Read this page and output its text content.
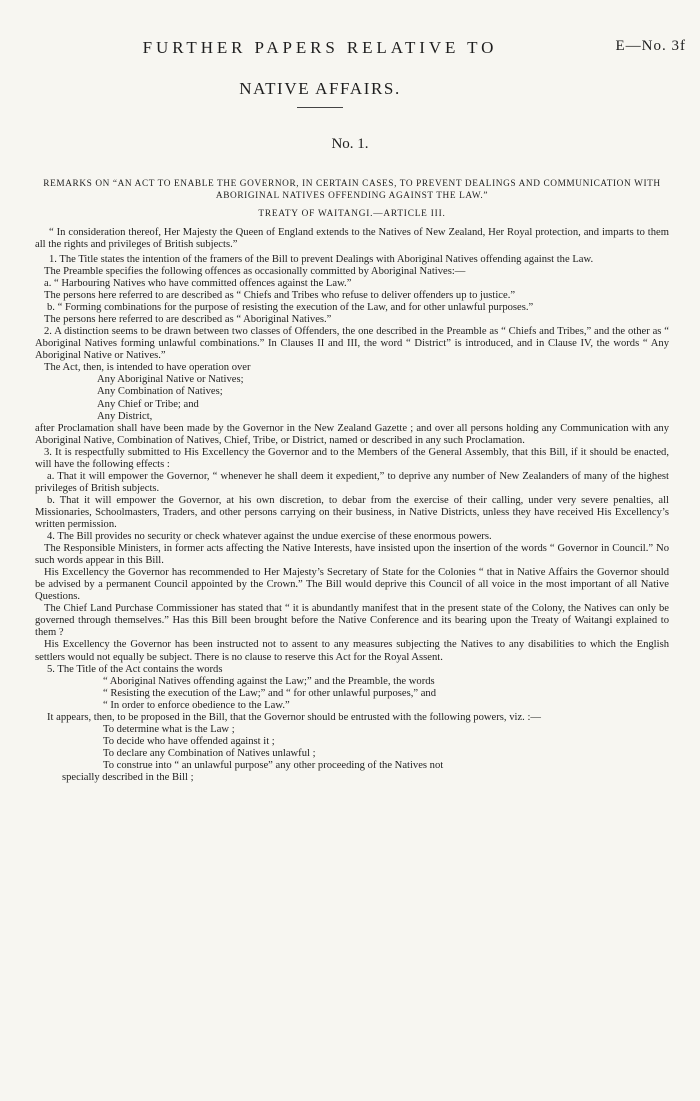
FURTHER PAPERS RELATIVE TO	E—No. 3f
NATIVE AFFAIRS.
No. 1.

REMARKS ON “AN ACT TO ENABLE THE GOVERNOR, IN CERTAIN CASES, TO PREVENT DEALINGS AND COMMUNICATION WITH ABORIGINAL NATIVES OFFENDING AGAINST THE LAW.”

TREATY OF WAITANGI.—ARTICLE III.

“ In consideration thereof, Her Majesty the Queen of England extends to the Natives of New Zealand, Her Royal protection, and imparts to them all the rights and privileges of British subjects.”

1. The Title states the intention of the framers of the Bill to prevent Dealings with Aboriginal Natives offending against the Law.

The Preamble specifies the following offences as occasionally committed by Aboriginal Natives:—

a. “ Harbouring Natives who have committed offences against the Law.”

The persons here referred to are described as “ Chiefs and Tribes who refuse to deliver offenders up to justice.”

b. “ Forming combinations for the purpose of resisting the execution of the Law, and for other unlawful purposes.”

The persons here referred to are described as “ Aboriginal Natives.”

2. A distinction seems to be drawn between two classes of Offenders, the one described in the Preamble as “ Chiefs and Tribes,” and the other as “ Aboriginal Natives forming unlawful combinations.” In Clauses II and III, the word “ District” is introduced, and in Clause IV, the words “ Any Aboriginal Native or Natives.”

The Act, then, is intended to have operation over

Any Aboriginal Native or Natives;

Any Combination of Natives;

Any Chief or Tribe; and

Any District,

after Proclamation shall have been made by the Governor in the New Zealand Gazette ; and over all persons holding any Communication with any Aboriginal Native, Combination of Natives, Chief, Tribe, or District, named or described in any such Proclamation.

3. It is respectfully submitted to His Excellency the Governor and to the Members of the General Assembly, that this Bill, if it should be enacted, will have the following effects :

a. That it will empower the Governor, “ whenever he shall deem it expedient,” to deprive any number of New Zealanders of many of the highest privileges of British subjects.

b. That it will empower the Governor, at his own discretion, to debar from the exercise of their calling, under very severe penalties, all Missionaries, Schoolmasters, Traders, and other persons carrying on their business, in Native Districts, unless they have received His Excellency’s written permission.

4. The Bill provides no security or check whatever against the undue exercise of these enormous powers.

The Responsible Ministers, in former acts affecting the Native Interests, have insisted upon the insertion of the words “ Governor in Council.” No such words appear in this Bill.

His Excellency the Governor has recommended to Her Majesty’s Secretary of State for the Colonies “ that in Native Affairs the Governor should be advised by a permanent Council appointed by the Crown.” The Bill would deprive this Council of all voice in the most important of all Native Questions.

The Chief Land Purchase Commissioner has stated that “ it is abundantly manifest that in the present state of the Colony, the Natives can only be governed through themselves.” Has this Bill been brought before the Native Conference and its bearing upon the Treaty of Waitangi explained to them ?

His Excellency the Governor has been instructed not to assent to any measures subjecting the Natives to any disabilities to which the English settlers would not equally be subject. There is no clause to reserve this Act for the Royal Assent.

5. The Title of the Act contains the words

“ Aboriginal Natives offending against the Law;” and the Preamble, the words

“ Resisting the execution of the Law;” and “ for other unlawful purposes,” and

“ In order to enforce obedience to the Law.”

It appears, then, to be proposed in the Bill, that the Governor should be entrusted with the following powers, viz. :—

To determine what is the Law ;

To decide who have offended against it ;

To declare any Combination of Natives unlawful ;

To construe into “ an unlawful purpose” any other proceeding of the Natives not

specially described in the Bill ;
